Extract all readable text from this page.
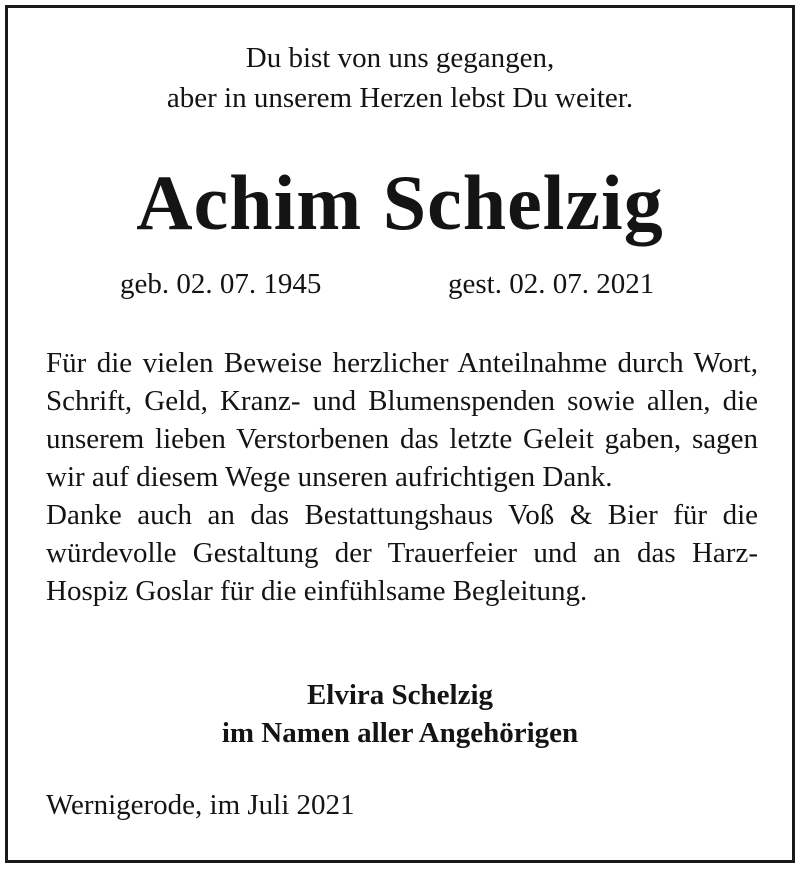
Du bist von uns gegangen,
aber in unserem Herzen lebst Du weiter.
Achim Schelzig
geb. 02. 07. 1945	gest. 02. 07. 2021

Für die vielen Beweise herzlicher Anteilnahme durch Wort, Schrift, Geld, Kranz- und Blumenspenden sowie allen, die unserem lieben Verstorbenen das letzte Geleit gaben, sagen wir auf diesem Wege unseren aufrichtigen Dank.

Danke auch an das Bestattungshaus Voß & Bier für die würdevolle Gestaltung der Trauerfeier und an das Harz-Hospiz Goslar für die einfühlsame Begleitung.

Elvira Schelzig
im Namen aller Angehörigen
Wernigerode, im Juli 2021
